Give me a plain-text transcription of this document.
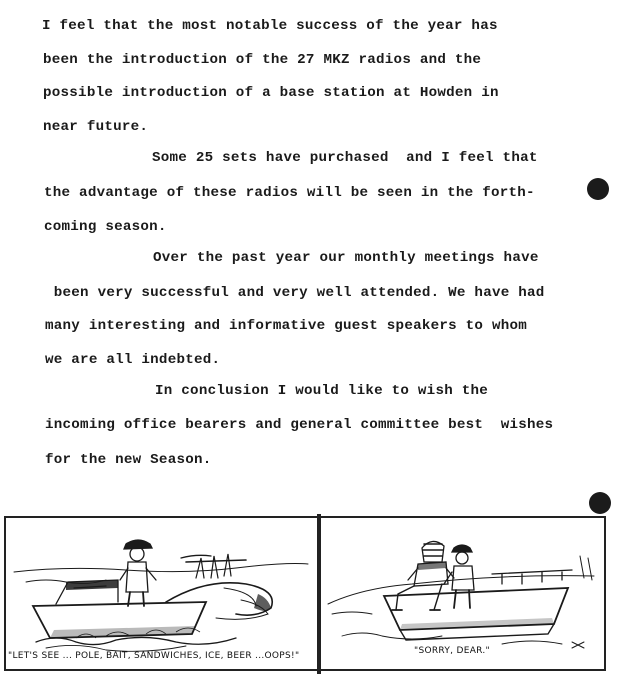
I feel that the most notable success of the year has
been the introduction of the 27 MKZ radios and the
possible introduction of a base station at Howden in
near future.
Some 25 sets have purchased  and I feel that
the advantage of these radios will be seen in the forth-
coming season.
Over the past year our monthly meetings have
been very successful and very well attended. We have had
many interesting and informative guest speakers to whom
we are all indebted.
In conclusion I would like to wish the
incoming office bearers and general committee best  wishes
for the new Season.
"LET'S SEE ... POLE, BAIT, SANDWICHES, ICE, BEER ...OOPS!"	"SORRY, DEAR."
